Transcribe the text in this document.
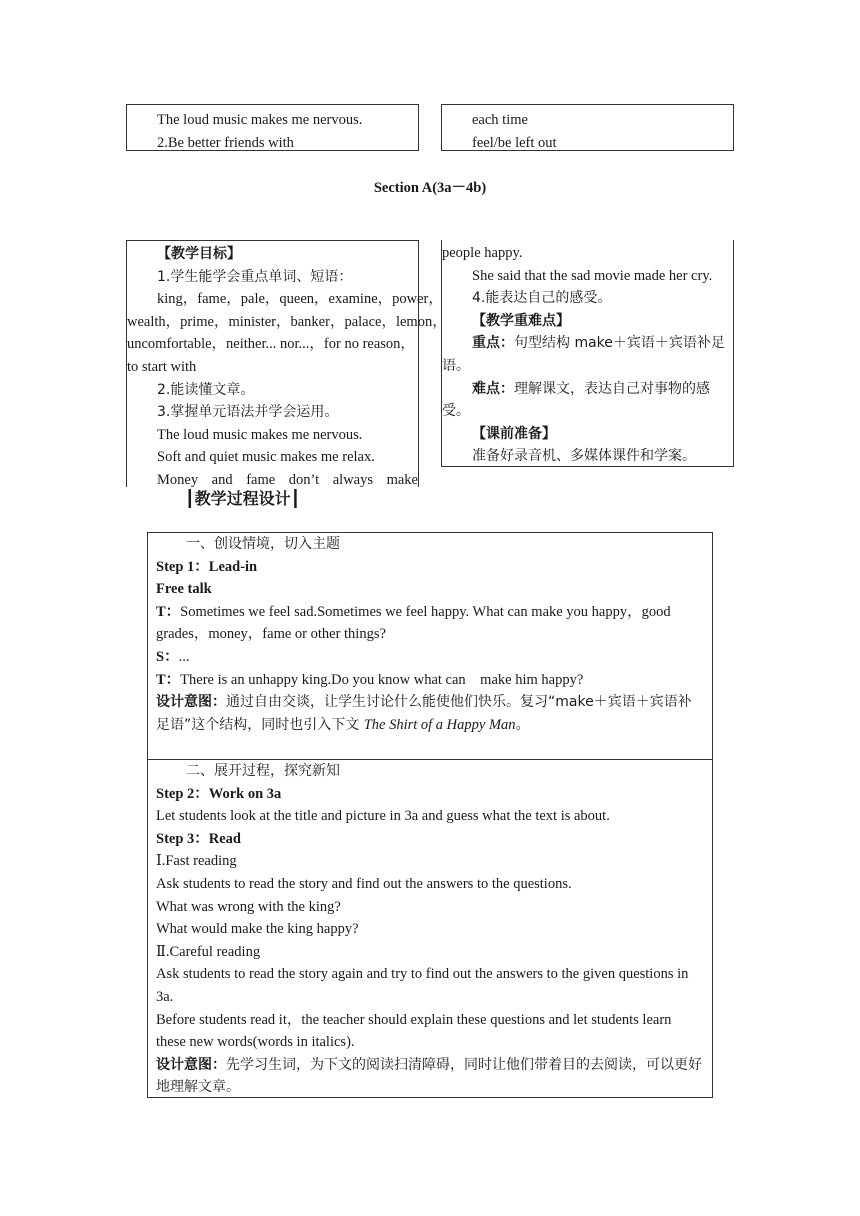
The loud music makes me nervous.
2.Be better friends with
each time
feel/be left out
Section A(3a－4b)
【教学目标】
1.学生能学会重点单词、短语：
king，fame，pale，queen，examine，power，
wealth，prime，minister，banker，palace，lemon，
uncomfortable，neither... nor...，for no reason，
to start with
2.能读懂文章。
3.掌握单元语法并学会运用。
The loud music makes me nervous.
Soft and quiet music makes me relax.
Money and fame don’t always make
people happy.
She said that the sad movie made her cry.
4.能表达自己的感受。
【教学重难点】
重点：句型结构 make＋宾语＋宾语补足
语。
难点：理解课文，表达自己对事物的感
受。
【课前准备】
准备好录音机、多媒体课件和学案。
┃教学过程设计┃
一、创设情境，切入主题
Step 1：Lead-in
Free talk
T：Sometimes we feel sad.Sometimes we feel happy. What can make you happy，good grades，money，fame or other things?
S：...
T：There is an unhappy king.Do you know what can　make him happy?
设计意图：通过自由交谈，让学生讨论什么能使他们快乐。复习“make＋宾语＋宾语补足语”这个结构，同时也引入下文 The Shirt of a Happy Man。
二、展开过程，探究新知
Step 2：Work on 3a
Let students look at the title and picture in 3a and guess what the text is about.
Step 3：Read
Ⅰ.Fast reading
Ask students to read the story and find out the answers to the questions.
What was wrong with the king?
What would make the king happy?
Ⅱ.Careful reading
Ask students to read the story again and try to find out the answers to the given questions in 3a.
Before students read it，the teacher should explain these questions and let students learn these new words(words in italics).
设计意图：先学习生词，为下文的阅读扫清障碍，同时让他们带着目的去阅读，可以更好地理解文章。
